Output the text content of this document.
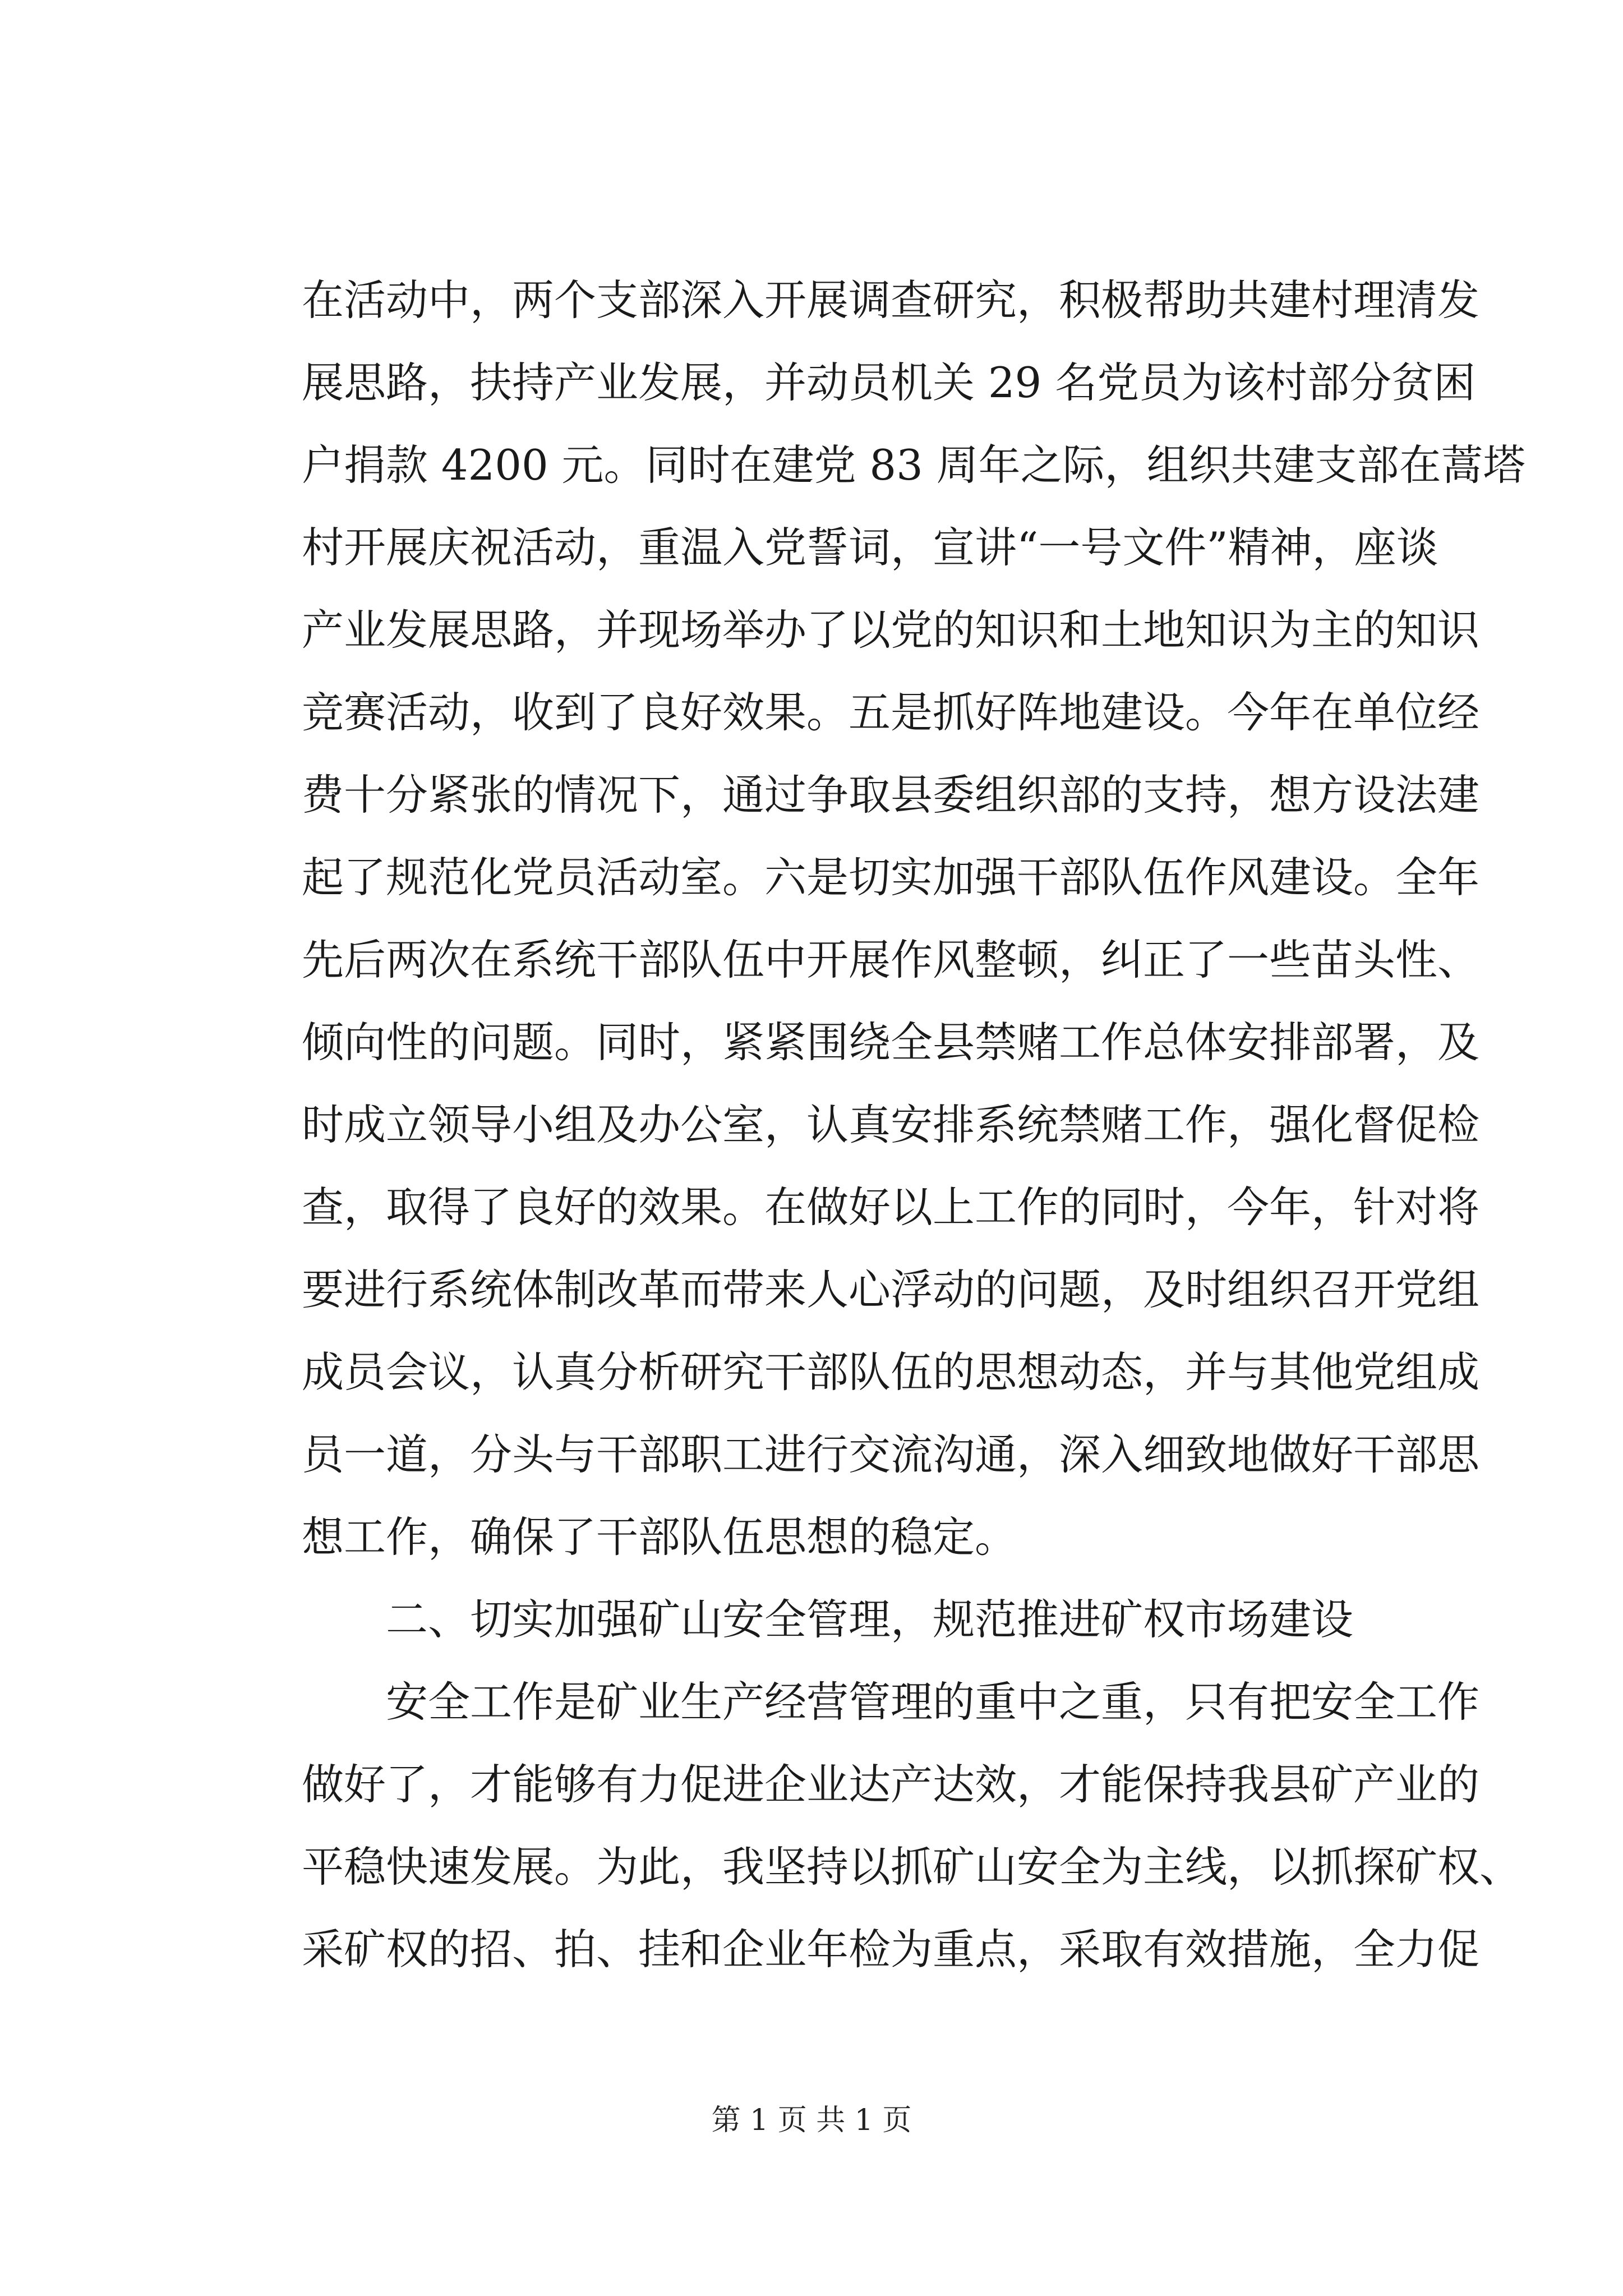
在活动中，两个支部深入开展调查研究，积极帮助共建村理清发
展思路，扶持产业发展，并动员机关 29 名党员为该村部分贫困
户捐款 4200 元。同时在建党 83 周年之际，组织共建支部在蒿塔
村开展庆祝活动，重温入党誓词，宣讲“一号文件”精神，座谈
产业发展思路，并现场举办了以党的知识和土地知识为主的知识
竞赛活动，收到了良好效果。五是抓好阵地建设。今年在单位经
费十分紧张的情况下，通过争取县委组织部的支持，想方设法建
起了规范化党员活动室。六是切实加强干部队伍作风建设。全年
先后两次在系统干部队伍中开展作风整顿，纠正了一些苗头性、
倾向性的问题。同时，紧紧围绕全县禁赌工作总体安排部署，及
时成立领导小组及办公室，认真安排系统禁赌工作，强化督促检
查，取得了良好的效果。在做好以上工作的同时，今年，针对将
要进行系统体制改革而带来人心浮动的问题，及时组织召开党组
成员会议，认真分析研究干部队伍的思想动态，并与其他党组成
员一道，分头与干部职工进行交流沟通，深入细致地做好干部思
想工作，确保了干部队伍思想的稳定。
二、切实加强矿山安全管理，规范推进矿权市场建设
安全工作是矿业生产经营管理的重中之重，只有把安全工作
做好了，才能够有力促进企业达产达效，才能保持我县矿产业的
平稳快速发展。为此，我坚持以抓矿山安全为主线，以抓探矿权、
采矿权的招、拍、挂和企业年检为重点，采取有效措施，全力促
第 1 页 共 1 页
